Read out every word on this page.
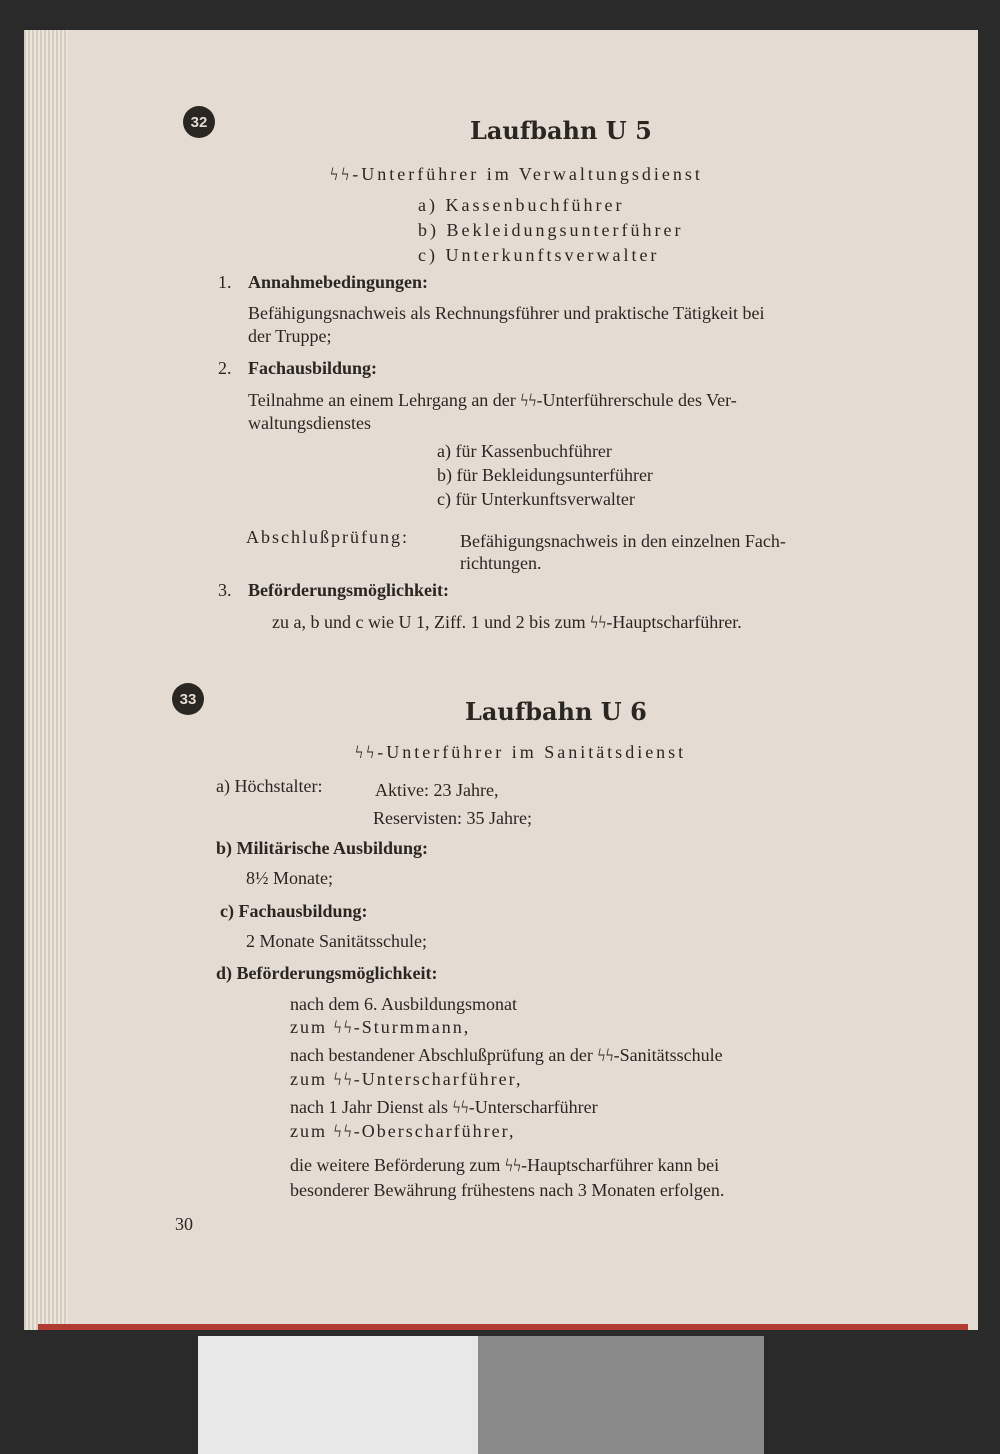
32	Laufbahn U 5
ϟϟ-Unterführer im Verwaltungsdienst
a) Kassenbuchführer
b) Bekleidungsunterführer
c) Unterkunftsverwalter
1. Annahmebedingungen:
Befähigungsnachweis als Rechnungsführer und praktische Tätigkeit bei
der Truppe;
2. Fachausbildung:
Teilnahme an einem Lehrgang an der ϟϟ-Unterführerschule des Ver-
waltungsdienstes
a) für Kassenbuchführer
b) für Bekleidungsunterführer
c) für Unterkunftsverwalter
Abschlußprüfung:	Befähigungsnachweis in den einzelnen Fach-
richtungen.
3. Beförderungsmöglichkeit:
zu a, b und c wie U 1, Ziff. 1 und 2 bis zum ϟϟ-Hauptscharführer.
33	Laufbahn U 6
ϟϟ-Unterführer im Sanitätsdienst
a) Höchstalter:	Aktive: 23 Jahre,
Reservisten: 35 Jahre;
b) Militärische Ausbildung:
8½ Monate;
c) Fachausbildung:
2 Monate Sanitätsschule;
d) Beförderungsmöglichkeit:
nach dem 6. Ausbildungsmonat
zum ϟϟ-Sturmmann,
nach bestandener Abschlußprüfung an der ϟϟ-Sanitätsschule
zum ϟϟ-Unterscharführer,
nach 1 Jahr Dienst als ϟϟ-Unterscharführer
zum ϟϟ-Oberscharführer,
die weitere Beförderung zum ϟϟ-Hauptscharführer kann bei
besonderer Bewährung frühestens nach 3 Monaten erfolgen.
30
